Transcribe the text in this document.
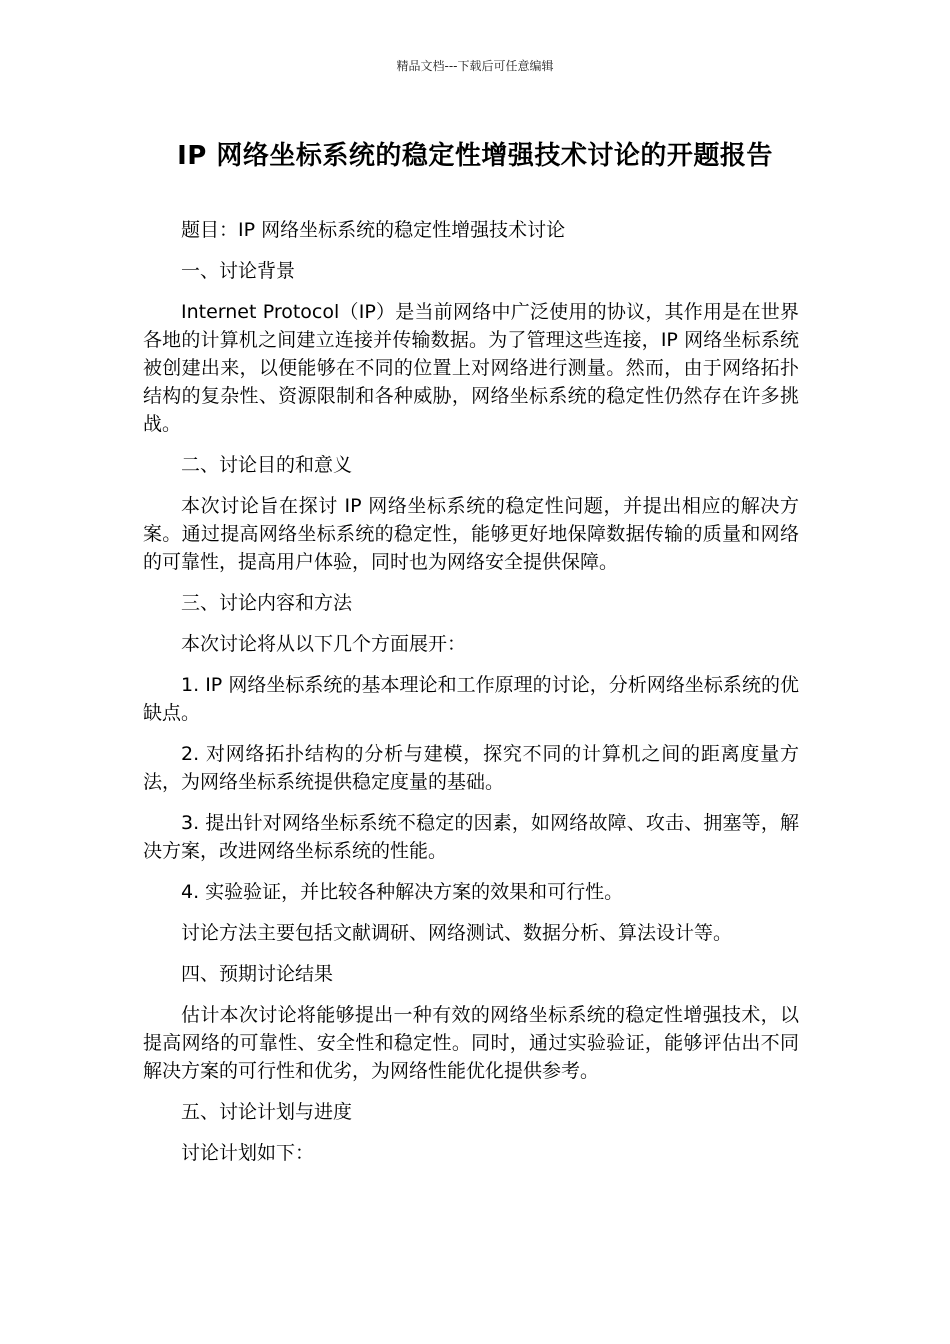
精品文档---下载后可任意编辑
IP 网络坐标系统的稳定性增强技术讨论的开题报告

题目：IP 网络坐标系统的稳定性增强技术讨论

一、讨论背景

Internet Protocol（IP）是当前网络中广泛使用的协议，其作用是在世界各地的计算机之间建立连接并传输数据。为了管理这些连接，IP 网络坐标系统被创建出来，以便能够在不同的位置上对网络进行测量。然而，由于网络拓扑结构的复杂性、资源限制和各种威胁，网络坐标系统的稳定性仍然存在许多挑战。

二、讨论目的和意义

本次讨论旨在探讨 IP 网络坐标系统的稳定性问题，并提出相应的解决方案。通过提高网络坐标系统的稳定性，能够更好地保障数据传输的质量和网络的可靠性，提高用户体验，同时也为网络安全提供保障。

三、讨论内容和方法

本次讨论将从以下几个方面展开：

1. IP 网络坐标系统的基本理论和工作原理的讨论，分析网络坐标系统的优缺点。

2. 对网络拓扑结构的分析与建模，探究不同的计算机之间的距离度量方法，为网络坐标系统提供稳定度量的基础。

3. 提出针对网络坐标系统不稳定的因素，如网络故障、攻击、拥塞等，解决方案，改进网络坐标系统的性能。

4. 实验验证，并比较各种解决方案的效果和可行性。

讨论方法主要包括文献调研、网络测试、数据分析、算法设计等。

四、预期讨论结果

估计本次讨论将能够提出一种有效的网络坐标系统的稳定性增强技术，以提高网络的可靠性、安全性和稳定性。同时，通过实验验证，能够评估出不同解决方案的可行性和优劣，为网络性能优化提供参考。

五、讨论计划与进度

讨论计划如下：
